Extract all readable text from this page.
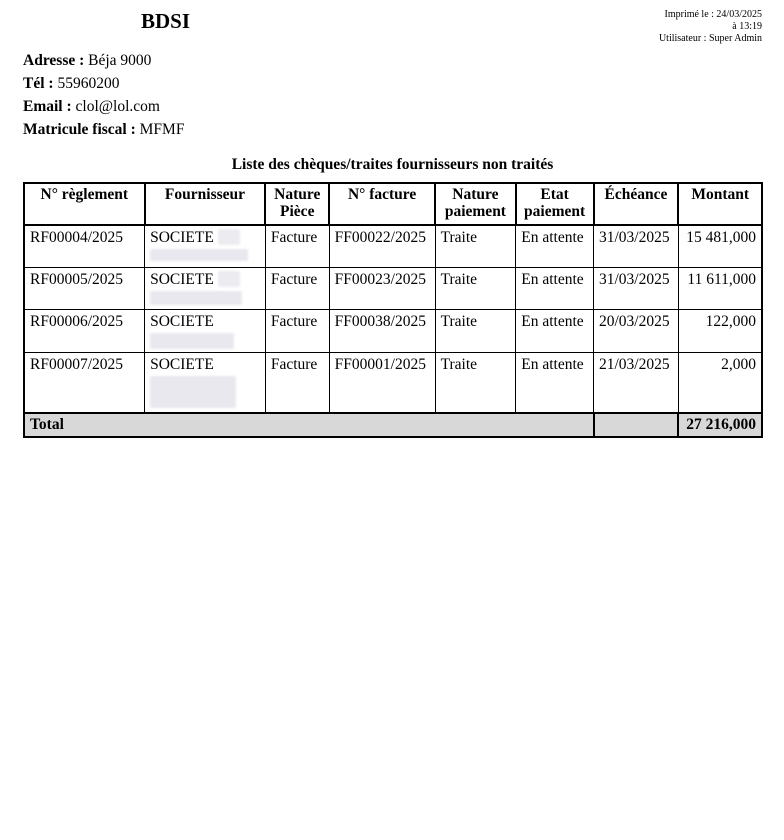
BDSI	Imprimé le : 24/03/2025
à 13:19
Utilisateur : Super Admin
Adresse : Béja 9000
Tél : 55960200
Email : clol@lol.com
Matricule fiscal : MFMF
Liste des chèques/traites fournisseurs non traités
N° règlement	Fournisseur	Nature Pièce	N° facture	Nature paiement	Etat paiement	Échéance	Montant
RF00004/2025	SOCIETE	Facture	FF00022/2025	Traite	En attente	31/03/2025	15 481,000
RF00005/2025	SOCIETE	Facture	FF00023/2025	Traite	En attente	31/03/2025	11 611,000
RF00006/2025	SOCIETE	Facture	FF00038/2025	Traite	En attente	20/03/2025	122,000
RF00007/2025	SOCIETE	Facture	FF00001/2025	Traite	En attente	21/03/2025	2,000
Total							27 216,000
